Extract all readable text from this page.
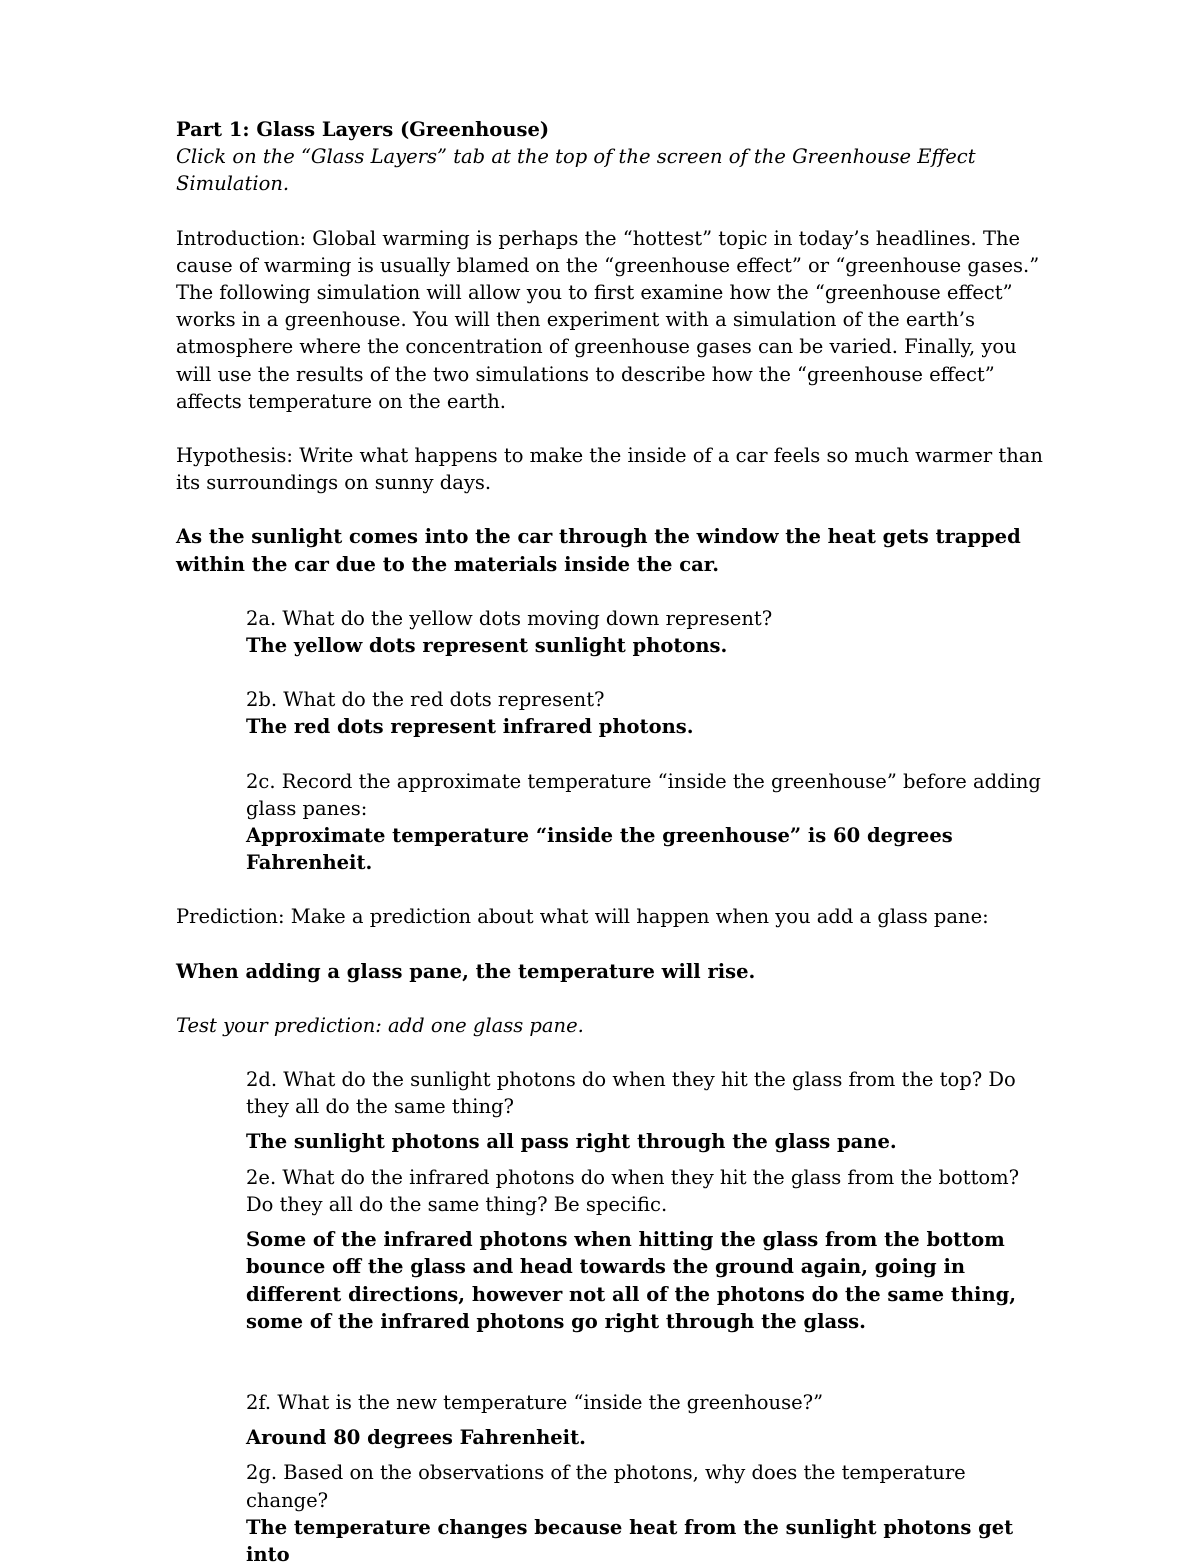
Part 1: Glass Layers (Greenhouse)

Click on the “Glass Layers” tab at the top of the screen of the Greenhouse Effect Simulation.

Introduction: Global warming is perhaps the “hottest” topic in today’s headlines. The cause of warming is usually blamed on the “greenhouse effect” or “greenhouse gases.” The following simulation will allow you to first examine how the “greenhouse effect” works in a greenhouse. You will then experiment with a simulation of the earth’s atmosphere where the concentration of greenhouse gases can be varied. Finally, you will use the results of the two simulations to describe how the “greenhouse effect” affects temperature on the earth.

Hypothesis: Write what happens to make the inside of a car feels so much warmer than its surroundings on sunny days.

As the sunlight comes into the car through the window the heat gets trapped within the car due to the materials inside the car.

2a. What do the yellow dots moving down represent?

The yellow dots represent sunlight photons.

2b. What do the red dots represent?

The red dots represent infrared photons.

2c. Record the approximate temperature “inside the greenhouse” before adding glass panes:

Approximate temperature “inside the greenhouse” is 60 degrees Fahrenheit.

Prediction: Make a prediction about what will happen when you add a glass pane:

When adding a glass pane, the temperature will rise.

Test your prediction: add one glass pane.

2d. What do the sunlight photons do when they hit the glass from the top? Do they all do the same thing?

The sunlight photons all pass right through the glass pane.

2e. What do the infrared photons do when they hit the glass from the bottom? Do they all do the same thing? Be specific.

Some of the infrared photons when hitting the glass from the bottom bounce off the glass and head towards the ground again, going in different directions, however not all of the photons do the same thing, some of the infrared photons go right through the glass.

2f. What is the new temperature “inside the greenhouse?”

Around 80 degrees Fahrenheit.

2g. Based on the observations of the photons, why does the temperature change?

The temperature changes because heat from the sunlight photons get into
